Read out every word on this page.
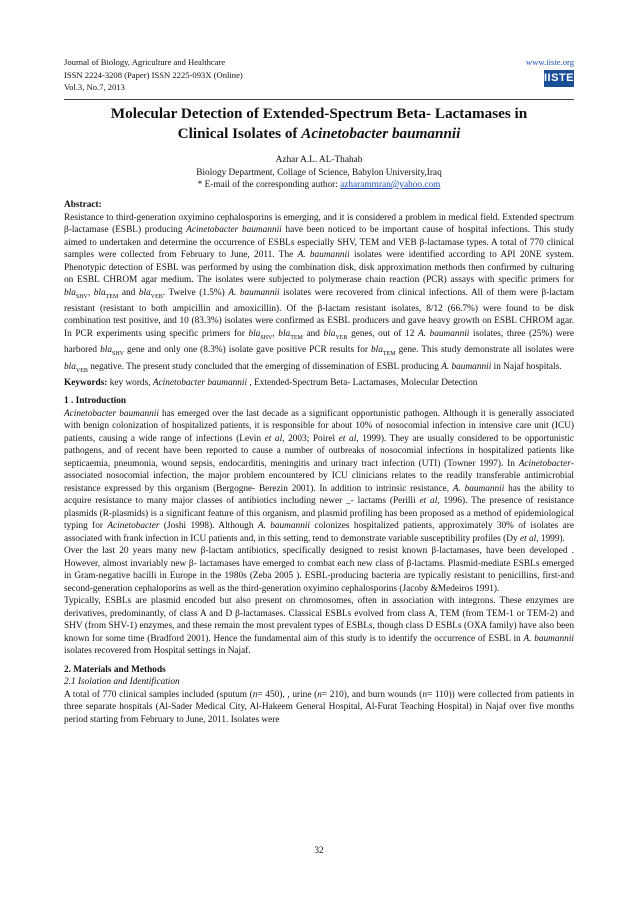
Journal of Biology, Agriculture and Healthcare
ISSN 2224-3208 (Paper) ISSN 2225-093X (Online)
Vol.3, No.7, 2013
www.iiste.org
IISTE
Molecular Detection of Extended-Spectrum Beta- Lactamases in
Clinical Isolates of Acinetobacter baumannii
Azhar A.L. AL-Thahab
Biology Department, Collage of Science, Babylon University,Iraq
* E-mail of the corresponding author: azharammran@yahoo.com

Abstract:

Resistance to third-generation oxyimino cephalosporins is emerging, and it is considered a problem in medical field. Extended spectrum β-lactamase (ESBL) producing Acinetobacter baumannii have been noticed to be important cause of hospital infections. This study aimed to undertaken and determine the occurrence of ESBLs especially SHV, TEM and VEB β-lactamase types. A total of 770 clinical samples were collected from February to June, 2011. The A. baumannii isolates were identified according to API 20NE system. Phenotypic detection of ESBL was performed by using the combination disk, disk approximation methods then confirmed by culturing on ESBL CHROM agar medium. The isolates were subjected to polymerase chain reaction (PCR) assays with specific primers for bla$_{SHV}$, bla$_{TEM}$ and bla$_{VEB}$. Twelve (1.5%) A. baumannii isolates were recovered from clinical infections. All of them were β-lactam resistant (resistant to both ampicillin and amoxicillin). Of the β-lactam resistant isolates, 8/12 (66.7%) were found to be disk combination test positive, and 10 (83.3%) isolates were confirmed as ESBL producers and gave heavy growth on ESBL CHROM agar. In PCR experiments using specific primers for bla$_{SHV}$, bla$_{TEM}$ and bla$_{VEB}$ genes, out of 12 A. baumannii isolates, three (25%) were harbored bla$_{SHV}$ gene and only one (8.3%) isolate gave positive PCR results for bla$_{TEM}$ gene. This study demonstrate all isolates were bla$_{VEB}$ negative. The present study concluded that the emerging of dissemination of ESBL producing A. baumannii in Najaf hospitals.

Keywords: key words, Acinetobacter baumannii , Extended-Spectrum Beta- Lactamases, Molecular Detection

1 . Introduction

Acinetobacter baumannii has emerged over the last decade as a significant opportunistic pathogen. Although it is generally associated with benign colonization of hospitalized patients, it is responsible for about 10% of nosocomial infection in intensive care unit (ICU) patients, causing a wide range of infections (Levin et al, 2003; Poirel et al, 1999). They are usually considered to be opportunistic pathogens, and of recent have been reported to cause a number of outbreaks of nosocomial infections in hospitalized patients like septicaemia, pneumonia, wound sepsis, endocarditis, meningitis and urinary tract infection (UTI) (Towner 1997). In Acinetobacter-associated nosocomial infection, the major problem encountered by ICU clinicians relates to the readily transferable antimicrobial resistance expressed by this organism (Bergogne- Berezin 2001). In addition to intrinsic resistance, A. baumannii has the ability to acquire resistance to many major classes of antibiotics including newer _- lactams (Perilli et al, 1996). The presence of resistance plasmids (R-plasmids) is a significant feature of this organism, and plasmid profiling has been proposed as a method of epidemiological typing for Acinetobacter (Joshi 1998). Although A. baumannii colonizes hospitalized patients, approximately 30% of isolates are associated with frank infection in ICU patients and, in this setting, tend to demonstrate variable susceptibility profiles (Dy et al, 1999).

Over the last 20 years many new β-lactam antibiotics, specifically designed to resist known β-lactamases, have been developed . However, almost invariably new β- lactamases have emerged to combat each new class of β-lactams. Plasmid-mediate ESBLs emerged in Gram-negative bacilli in Europe in the 1980s (Zeba 2005 ). ESBL-producing bacteria are typically resistant to penicillins, first-and second-generation cephaloporins as well as the third-generation oxyimino cephalosporins (Jacoby &Medeiros 1991).

Typically, ESBLs are plasmid encoded but also present on chromosomes, often in association with integrons. These enzymes are derivatives, predominantly, of class A and D β-lactamases. Classical ESBLs evolved from class A, TEM (from TEM-1 or TEM-2) and SHV (from SHV-1) enzymes, and these remain the most prevalent types of ESBLs, though class D ESBLs (OXA family) have also been known for some time (Bradford 2001). Hence the fundamental aim of this study is to identify the occurrence of ESBL in A. baumannii isolates recovered from Hospital settings in Najaf.

2. Materials and Methods

2.1 Isolation and Identification

A total of 770 clinical samples included (sputum (n= 450), , urine (n= 210), and burn wounds (n= 110)) were collected from patients in three separate hospitals (Al-Sader Medical City, Al-Hakeem General Hospital, Al-Furat Teaching Hospital) in Najaf over five months period starting from February to June, 2011. Isolates were

32
